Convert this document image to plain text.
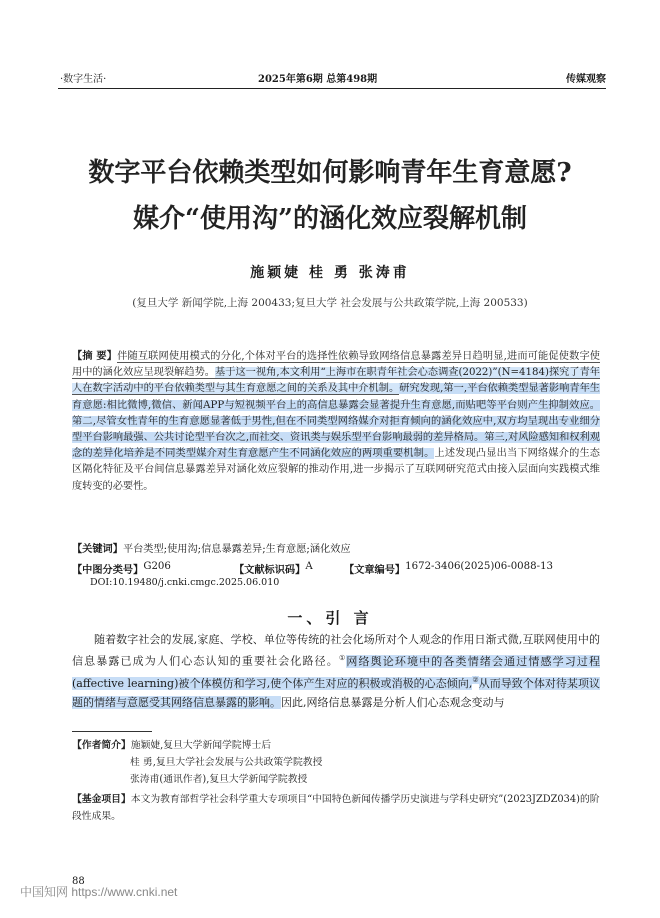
·数字生活·	2025年第6期 总第498期	传媒观察
数字平台依赖类型如何影响青年生育意愿?
媒介“使用沟”的涵化效应裂解机制
施颖婕 桂 勇 张涛甫
(复旦大学 新闻学院,上海 200433;复旦大学 社会发展与公共政策学院,上海 200533)
【摘 要】伴随互联网使用模式的分化,个体对平台的选择性依赖导致网络信息暴露差异日趋明显,进而可能促使数字使用中的涵化效应呈现裂解趋势。基于这一视角,本文利用“上海市在职青年社会心态调查(2022)”(N=4184)探究了青年人在数字活动中的平台依赖类型与其生育意愿之间的关系及其中介机制。研究发现,第一,平台依赖类型显著影响青年生育意愿:相比微博,微信、新闻APP与短视频平台上的高信息暴露会显著提升生育意愿,而贴吧等平台则产生抑制效应。第二,尽管女性青年的生育意愿显著低于男性,但在不同类型网络媒介对拒育倾向的涵化效应中,双方均呈现出专业细分型平台影响最强、公共讨论型平台次之,而社交、资讯类与娱乐型平台影响最弱的差异格局。第三,对风险感知和权利观念的差异化培养是不同类型媒介对生育意愿产生不同涵化效应的两项重要机制。上述发现凸显出当下网络媒介的生态区隔化特征及平台间信息暴露差异对涵化效应裂解的推动作用,进一步揭示了互联网研究范式由接入层面向实践模式维度转变的必要性。
【关键词】平台类型;使用沟;信息暴露差异;生育意愿;涵化效应
【中图分类号】 G206	【文献标识码】 A	【文章编号】 1672-3406(2025)06-0088-13
DOI:10.19480/j.cnki.cmgc.2025.06.010
一、引 言
随着数字社会的发展,家庭、学校、单位等传统的社会化场所对个人观念的作用日渐式微,互联网使用中的信息暴露已成为人们心态认知的重要社会化路径。①网络舆论环境中的各类情绪会通过情感学习过程(affective learning)被个体模仿和学习,使个体产生对应的积极或消极的心态倾向,②从而导致个体对待某项议题的情绪与意愿受其网络信息暴露的影响。因此,网络信息暴露是分析人们心态观念变动与
【作者简介】施颖婕,复旦大学新闻学院博士后
桂 勇,复旦大学社会发展与公共政策学院教授
张涛甫(通讯作者),复旦大学新闻学院教授
【基金项目】本文为教育部哲学社会科学重大专项项目“中国特色新闻传播学历史演进与学科史研究”(2023JZDZ034)的阶段性成果。
88
中国知网 https://www.cnki.net
